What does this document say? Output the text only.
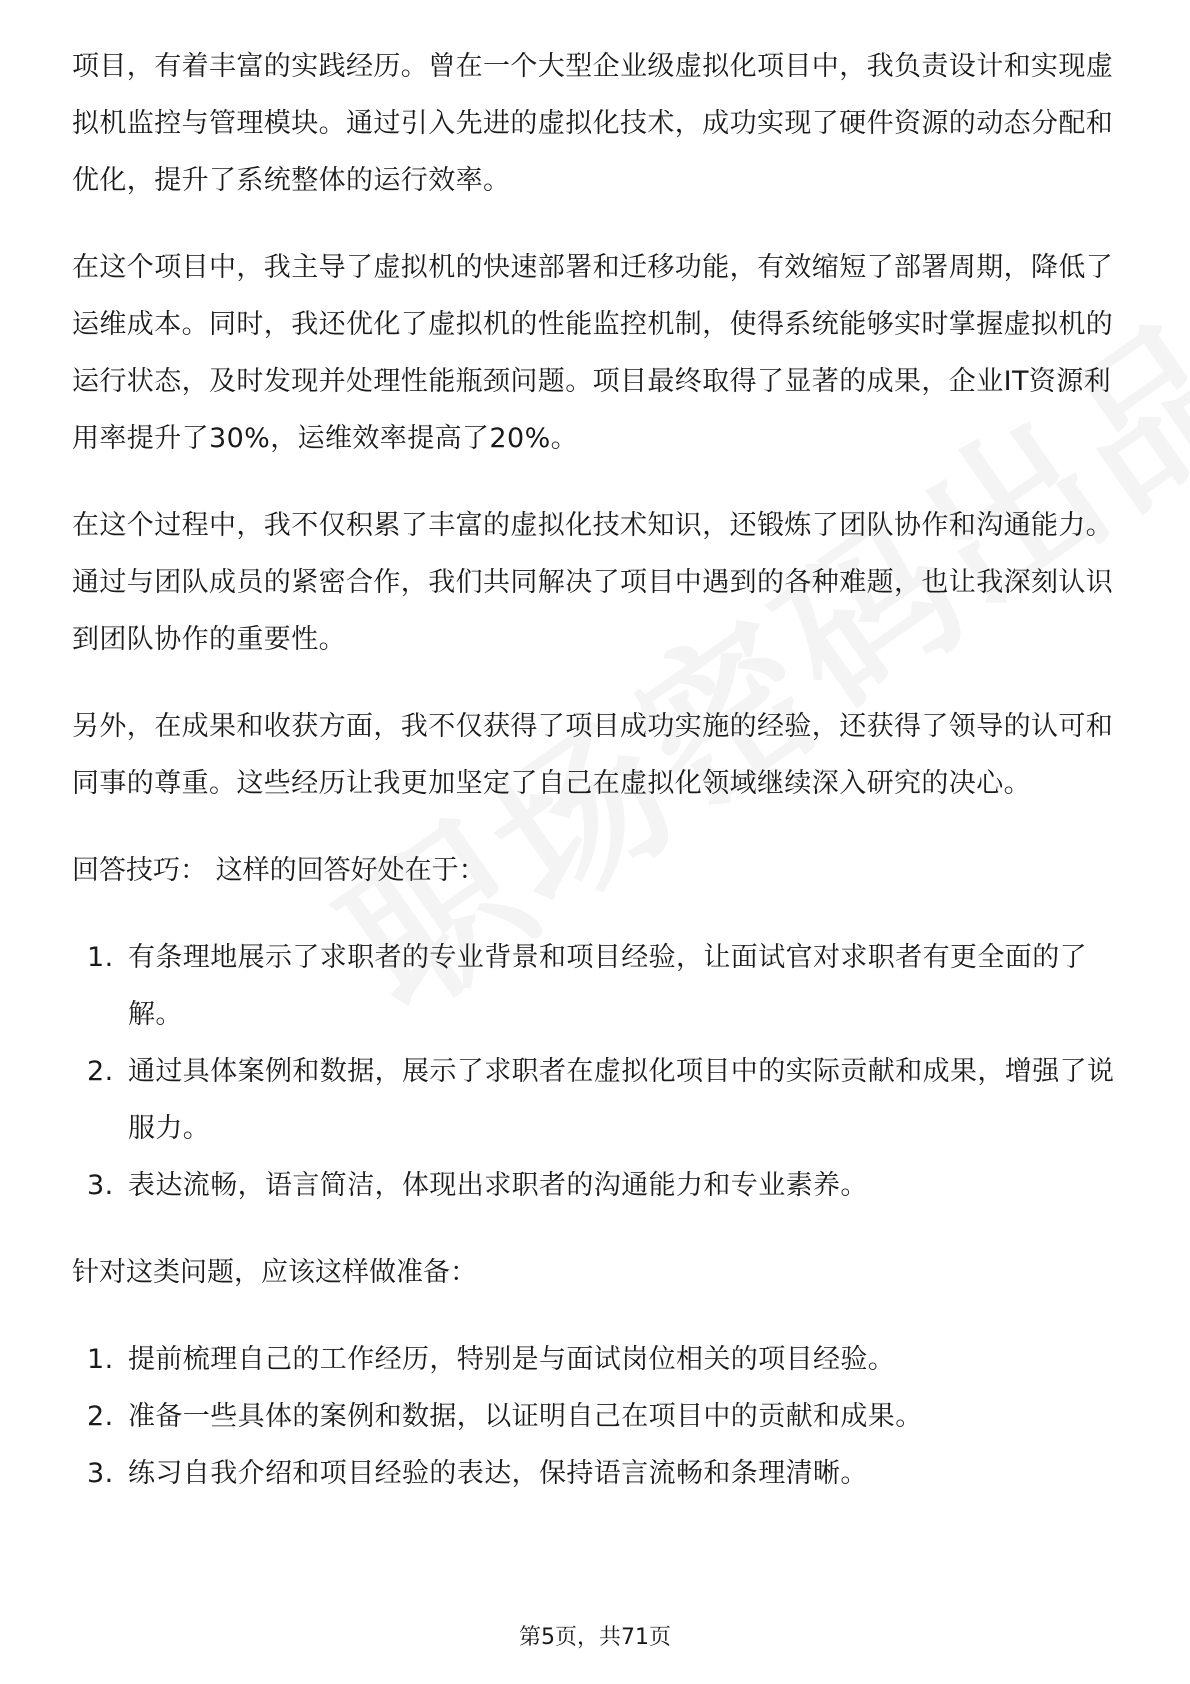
项目，有着丰富的实践经历。曾在一个大型企业级虚拟化项目中，我负责设计和实现虚拟机监控与管理模块。通过引入先进的虚拟化技术，成功实现了硬件资源的动态分配和优化，提升了系统整体的运行效率。

在这个项目中，我主导了虚拟机的快速部署和迁移功能，有效缩短了部署周期，降低了运维成本。同时，我还优化了虚拟机的性能监控机制，使得系统能够实时掌握虚拟机的运行状态，及时发现并处理性能瓶颈问题。项目最终取得了显著的成果，企业IT资源利用率提升了30%，运维效率提高了20%。

在这个过程中，我不仅积累了丰富的虚拟化技术知识，还锻炼了团队协作和沟通能力。通过与团队成员的紧密合作，我们共同解决了项目中遇到的各种难题，也让我深刻认识到团队协作的重要性。

另外，在成果和收获方面，我不仅获得了项目成功实施的经验，还获得了领导的认可和同事的尊重。这些经历让我更加坚定了自己在虚拟化领域继续深入研究的决心。

回答技巧： 这样的回答好处在于：

1. 有条理地展示了求职者的专业背景和项目经验，让面试官对求职者有更全面的了解。
2. 通过具体案例和数据，展示了求职者在虚拟化项目中的实际贡献和成果，增强了说服力。
3. 表达流畅，语言简洁，体现出求职者的沟通能力和专业素养。

针对这类问题，应该这样做准备：

1. 提前梳理自己的工作经历，特别是与面试岗位相关的项目经验。
2. 准备一些具体的案例和数据，以证明自己在项目中的贡献和成果。
3. 练习自我介绍和项目经验的表达，保持语言流畅和条理清晰。
第5页，共71页
